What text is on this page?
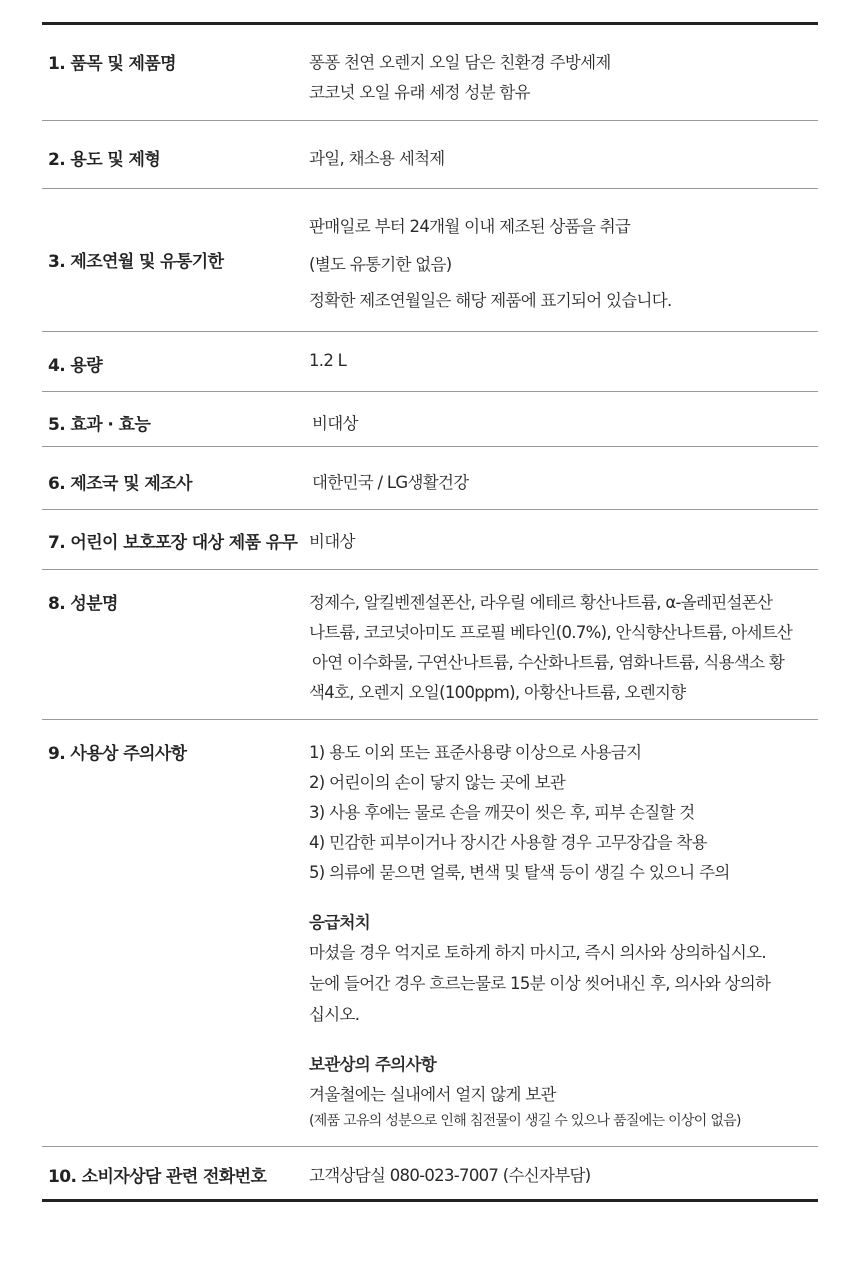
1. 품목 및 제품명	퐁퐁 천연 오렌지 오일 담은 친환경 주방세제
코코넛 오일 유래 세정 성분 함유
2. 용도 및 제형	과일, 채소용 세척제
3. 제조연월 및 유통기한
판매일로 부터 24개월 이내 제조된 상품을 취급
(별도 유통기한 없음)
정확한 제조연월일은 해당 제품에 표기되어 있습니다.
4. 용량	1.2 L
5. 효과 · 효능	비대상
6. 제조국 및 제조사	대한민국 / LG생활건강
7. 어린이 보호포장 대상 제품 유무 비대상
8. 성분명	정제수, 알킬벤젠설폰산, 라우릴 에테르 황산나트륨, α-올레핀설폰산
나트륨, 코코넛아미도 프로필 베타인(0.7%), 안식향산나트륨, 아세트산
아연 이수화물, 구연산나트륨, 수산화나트륨, 염화나트륨, 식용색소 황
색4호, 오렌지 오일(100ppm), 아황산나트륨, 오렌지향
9. 사용상 주의사항	1) 용도 이외 또는 표준사용량 이상으로 사용금지
2) 어린이의 손이 닿지 않는 곳에 보관
3) 사용 후에는 물로 손을 깨끗이 씻은 후, 피부 손질할 것
4) 민감한 피부이거나 장시간 사용할 경우 고무장갑을 착용
5) 의류에 묻으면 얼룩, 변색 및 탈색 등이 생길 수 있으니 주의
응급처치
마셨을 경우 억지로 토하게 하지 마시고, 즉시 의사와 상의하십시오.
눈에 들어간 경우 흐르는물로 15분 이상 씻어내신 후, 의사와 상의하
십시오.
보관상의 주의사항
겨울철에는 실내에서 얼지 않게 보관
(제품 고유의 성분으로 인해 침전물이 생길 수 있으나 품질에는 이상이 없음)
10. 소비자상담 관련 전화번호	고객상담실 080-023-7007 (수신자부담)
